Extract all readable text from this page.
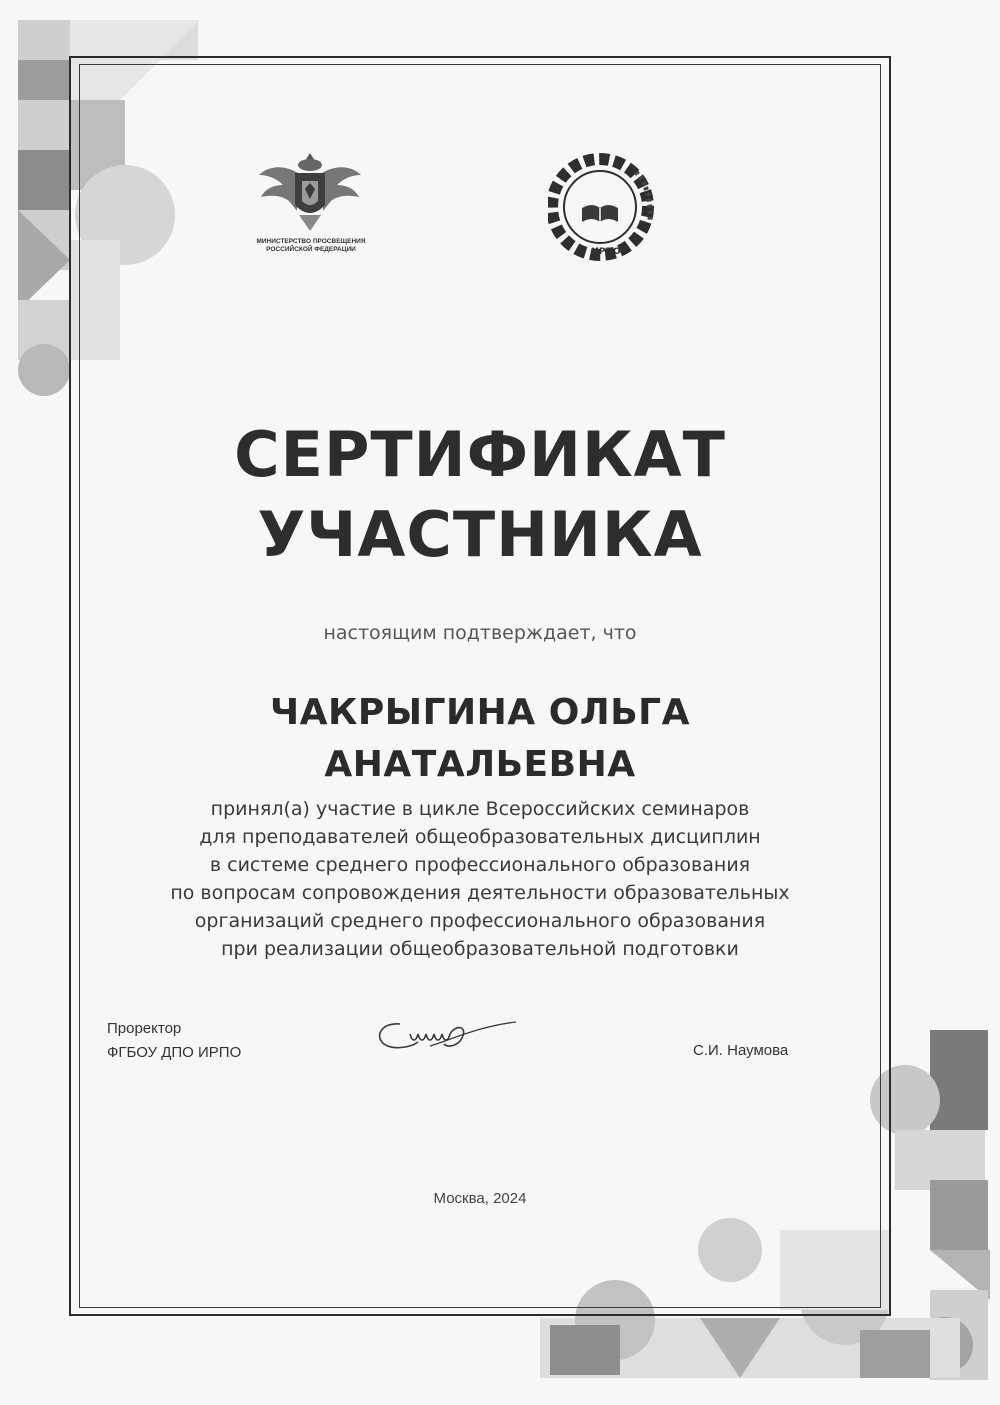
МИНИСТЕРСТВО ПРОСВЕЩЕНИЯ
РОССИЙСКОЙ ФЕДЕРАЦИИ	ИРПО
СЕРТИФИКАТ
УЧАСТНИКА
настоящим подтверждает, что
ЧАКРЫГИНА ОЛЬГА
АНАТАЛЬЕВНА
принял(а) участие в цикле Всероссийских семинаров
для преподавателей общеобразовательных дисциплин
в системе среднего профессионального образования
по вопросам сопровождения деятельности образовательных
организаций среднего профессионального образования
при реализации общеобразовательной подготовки
Проректор
ФГБОУ ДПО ИРПО	С.И. Наумова
Москва, 2024
